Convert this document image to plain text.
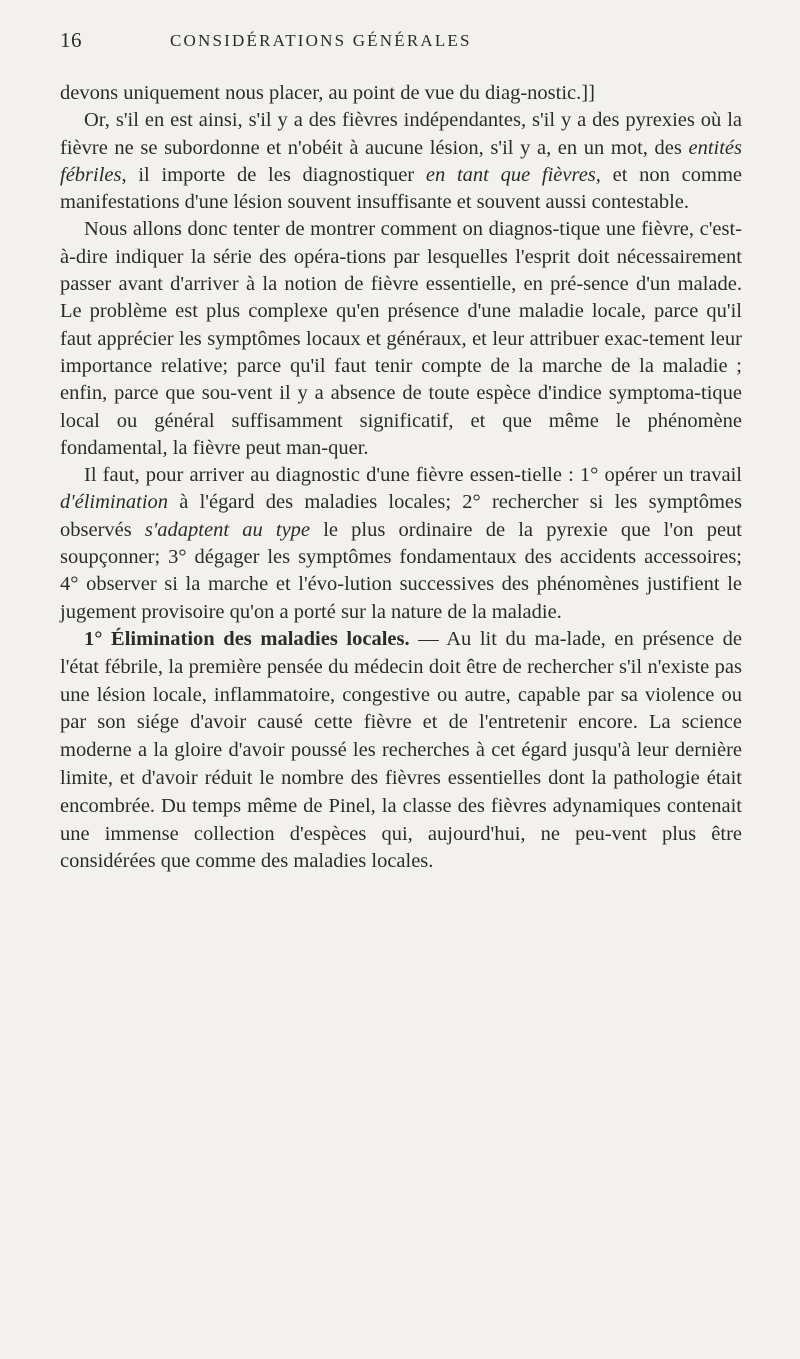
16	CONSIDÉRATIONS GÉNÉRALES

devons uniquement nous placer, au point de vue du diag-nostic.]]

Or, s'il en est ainsi, s'il y a des fièvres indépendantes, s'il y a des pyrexies où la fièvre ne se subordonne et n'obéit à aucune lésion, s'il y a, en un mot, des entités fébriles, il importe de les diagnostiquer en tant que fièvres, et non comme manifestations d'une lésion souvent insuffisante et souvent aussi contestable.

Nous allons donc tenter de montrer comment on diagnos-tique une fièvre, c'est-à-dire indiquer la série des opéra-tions par lesquelles l'esprit doit nécessairement passer avant d'arriver à la notion de fièvre essentielle, en pré-sence d'un malade. Le problème est plus complexe qu'en présence d'une maladie locale, parce qu'il faut apprécier les symptômes locaux et généraux, et leur attribuer exac-tement leur importance relative; parce qu'il faut tenir compte de la marche de la maladie ; enfin, parce que sou-vent il y a absence de toute espèce d'indice symptoma-tique local ou général suffisamment significatif, et que même le phénomène fondamental, la fièvre peut man-quer.

Il faut, pour arriver au diagnostic d'une fièvre essen-tielle : 1° opérer un travail d'élimination à l'égard des maladies locales; 2° rechercher si les symptômes observés s'adaptent au type le plus ordinaire de la pyrexie que l'on peut soupçonner; 3° dégager les symptômes fondamentaux des accidents accessoires; 4° observer si la marche et l'évo-lution successives des phénomènes justifient le jugement provisoire qu'on a porté sur la nature de la maladie.

1° Élimination des maladies locales. — Au lit du ma-lade, en présence de l'état fébrile, la première pensée du médecin doit être de rechercher s'il n'existe pas une lésion locale, inflammatoire, congestive ou autre, capable par sa violence ou par son siége d'avoir causé cette fièvre et de l'entretenir encore. La science moderne a la gloire d'avoir poussé les recherches à cet égard jusqu'à leur dernière limite, et d'avoir réduit le nombre des fièvres essentielles dont la pathologie était encombrée. Du temps même de Pinel, la classe des fièvres adynamiques contenait une immense collection d'espèces qui, aujourd'hui, ne peu-vent plus être considérées que comme des maladies locales.
